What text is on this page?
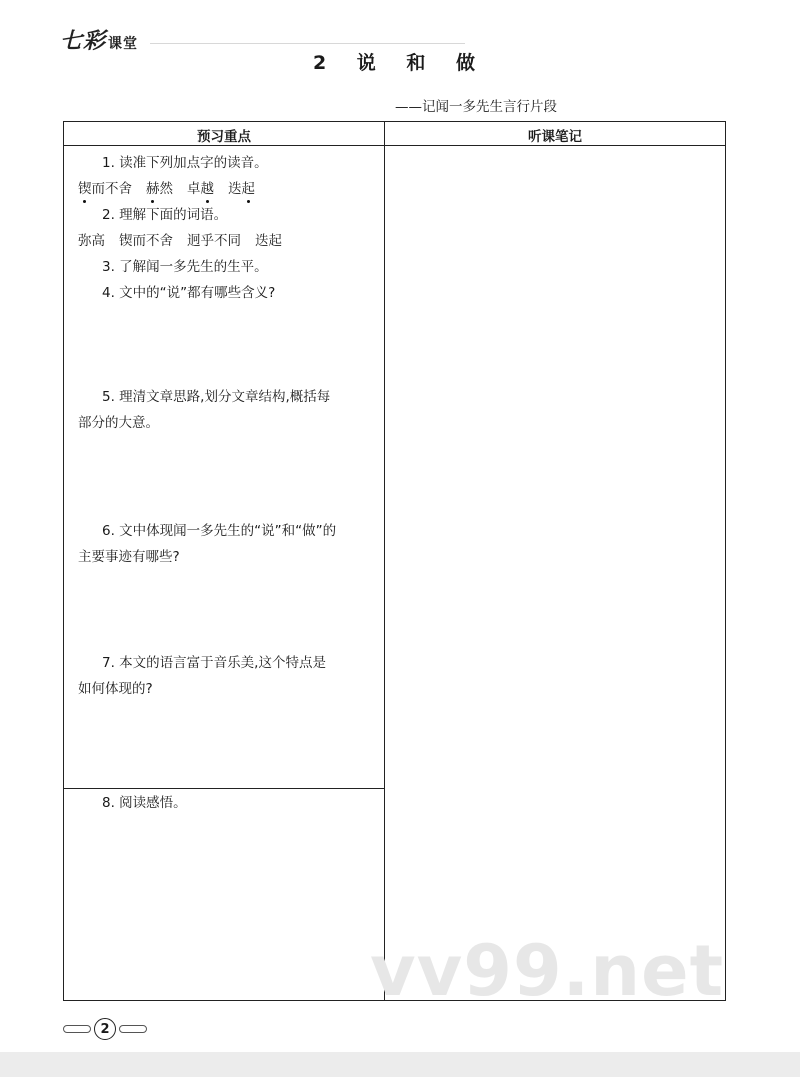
七彩 课堂
2 说 和 做
——记闻一多先生言行片段
预习重点	听课笔记
1. 读准下列加点字的读音。
锲而不舍 赫然 卓越 迭起
2. 理解下面的词语。
弥高 锲而不舍 迥乎不同 迭起
3. 了解闻一多先生的生平。
4. 文中的“说”都有哪些含义?
5. 理清文章思路,划分文章结构,概括每
部分的大意。
6. 文中体现闻一多先生的“说”和“做”的
主要事迹有哪些?
7. 本文的语言富于音乐美,这个特点是
如何体现的?
8. 阅读感悟。
vv99.net
2
